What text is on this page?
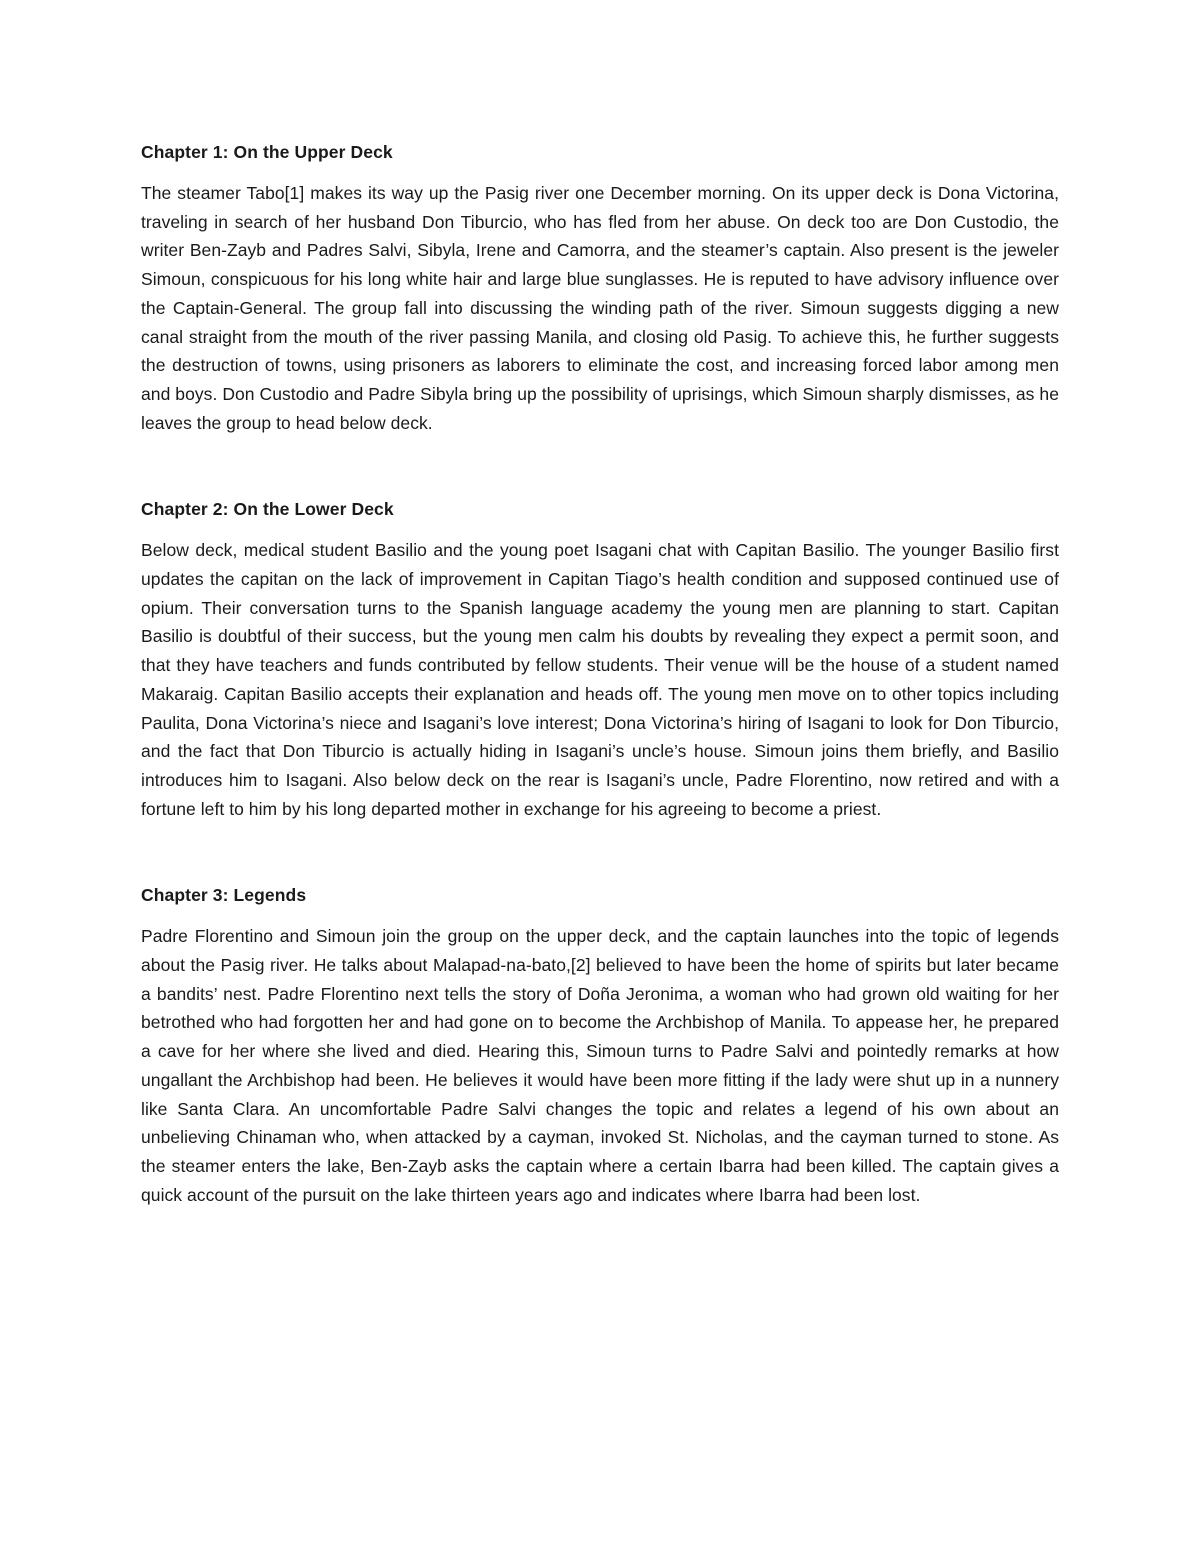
Chapter 1: On the Upper Deck

The steamer Tabo[1] makes its way up the Pasig river one December morning. On its upper deck is Dona Victorina, traveling in search of her husband Don Tiburcio, who has fled from her abuse. On deck too are Don Custodio, the writer Ben-Zayb and Padres Salvi, Sibyla, Irene and Camorra, and the steamer’s captain. Also present is the jeweler Simoun, conspicuous for his long white hair and large blue sunglasses. He is reputed to have advisory influence over the Captain-General. The group fall into discussing the winding path of the river. Simoun suggests digging a new canal straight from the mouth of the river passing Manila, and closing old Pasig. To achieve this, he further suggests the destruction of towns, using prisoners as laborers to eliminate the cost, and increasing forced labor among men and boys. Don Custodio and Padre Sibyla bring up the possibility of uprisings, which Simoun sharply dismisses, as he leaves the group to head below deck.

Chapter 2: On the Lower Deck

Below deck, medical student Basilio and the young poet Isagani chat with Capitan Basilio. The younger Basilio first updates the capitan on the lack of improvement in Capitan Tiago’s health condition and supposed continued use of opium. Their conversation turns to the Spanish language academy the young men are planning to start. Capitan Basilio is doubtful of their success, but the young men calm his doubts by revealing they expect a permit soon, and that they have teachers and funds contributed by fellow students. Their venue will be the house of a student named Makaraig. Capitan Basilio accepts their explanation and heads off. The young men move on to other topics including Paulita, Dona Victorina’s niece and Isagani’s love interest; Dona Victorina’s hiring of Isagani to look for Don Tiburcio, and the fact that Don Tiburcio is actually hiding in Isagani’s uncle’s house. Simoun joins them briefly, and Basilio introduces him to Isagani. Also below deck on the rear is Isagani’s uncle, Padre Florentino, now retired and with a fortune left to him by his long departed mother in exchange for his agreeing to become a priest.

Chapter 3: Legends

Padre Florentino and Simoun join the group on the upper deck, and the captain launches into the topic of legends about the Pasig river. He talks about Malapad-na-bato,[2] believed to have been the home of spirits but later became a bandits’ nest. Padre Florentino next tells the story of Doña Jeronima, a woman who had grown old waiting for her betrothed who had forgotten her and had gone on to become the Archbishop of Manila. To appease her, he prepared a cave for her where she lived and died. Hearing this, Simoun turns to Padre Salvi and pointedly remarks at how ungallant the Archbishop had been. He believes it would have been more fitting if the lady were shut up in a nunnery like Santa Clara. An uncomfortable Padre Salvi changes the topic and relates a legend of his own about an unbelieving Chinaman who, when attacked by a cayman, invoked St. Nicholas, and the cayman turned to stone. As the steamer enters the lake, Ben-Zayb asks the captain where a certain Ibarra had been killed. The captain gives a quick account of the pursuit on the lake thirteen years ago and indicates where Ibarra had been lost.
